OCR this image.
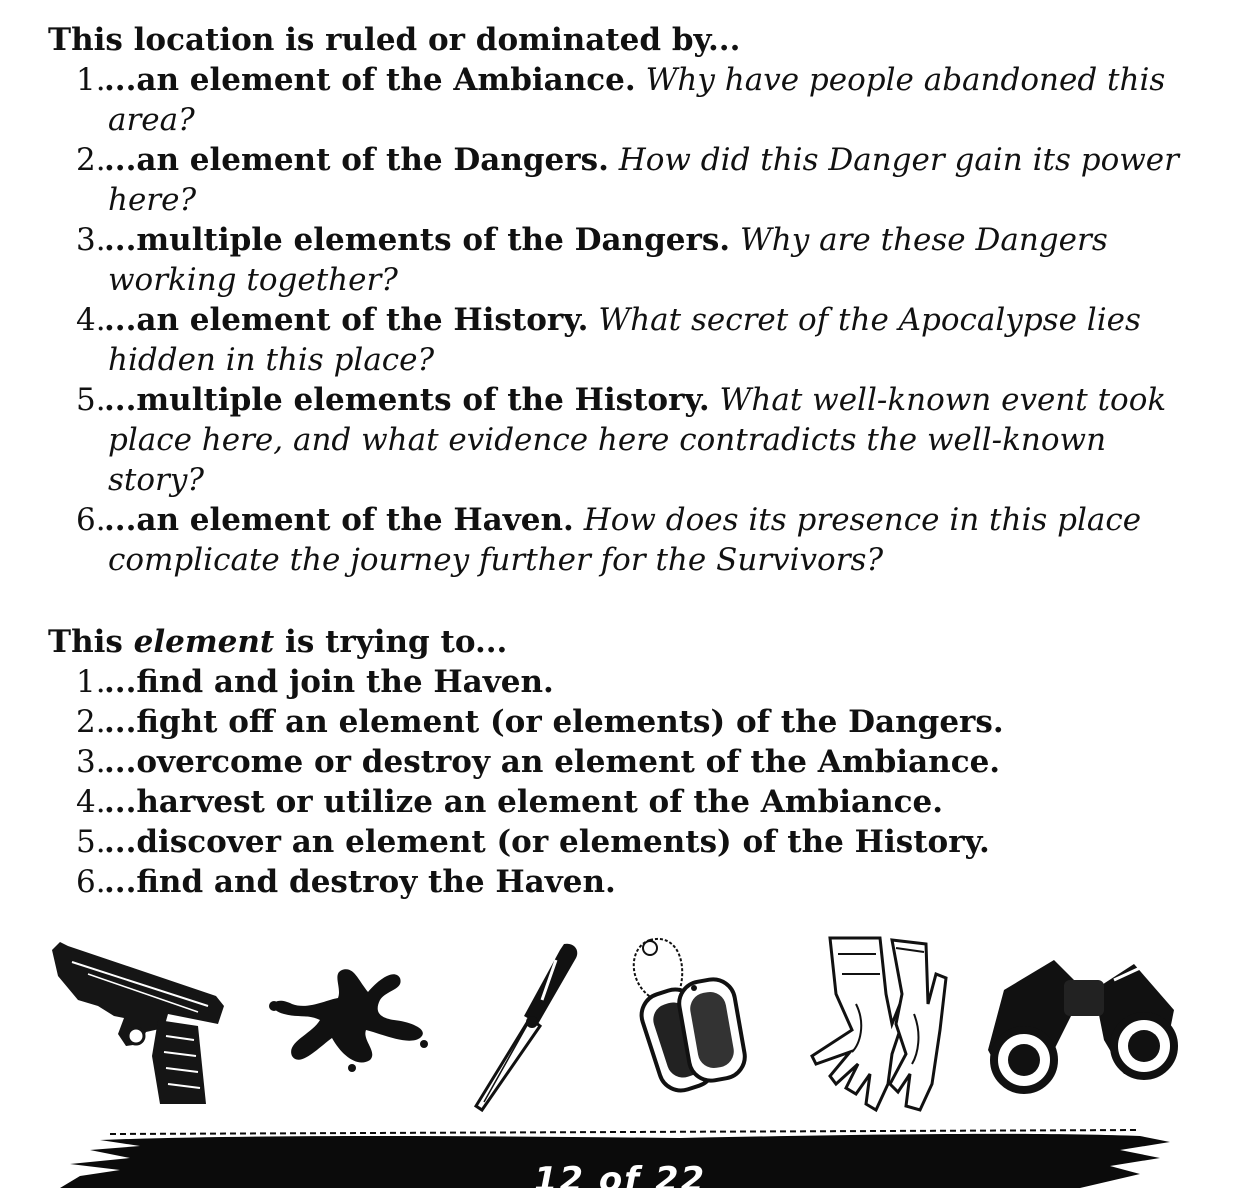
This location is ruled or dominated by...

1.
...an element of the Ambiance. Why have people abandoned this area?
2.
...an element of the Dangers. How did this Danger gain its power here?
3.
...multiple elements of the Dangers. Why are these Dangers working together?
4.
...an element of the History. What secret of the Apocalypse lies hidden in this place?
5.
...multiple elements of the History. What well-known event took place here, and what evidence here contradicts the well-known story?
6.
...an element of the Haven. How does its presence in this place complicate the journey further for the Survivors?

This element is trying to...

1.
...find and join the Haven.
2.
...fight off an element (or elements) of the Dangers.
3.
...overcome or destroy an element of the Ambiance.
4.
...harvest or utilize an element of the Ambiance.
5.
...discover an element (or elements) of the History.
6.
...find and destroy the Haven.
12 of 22
